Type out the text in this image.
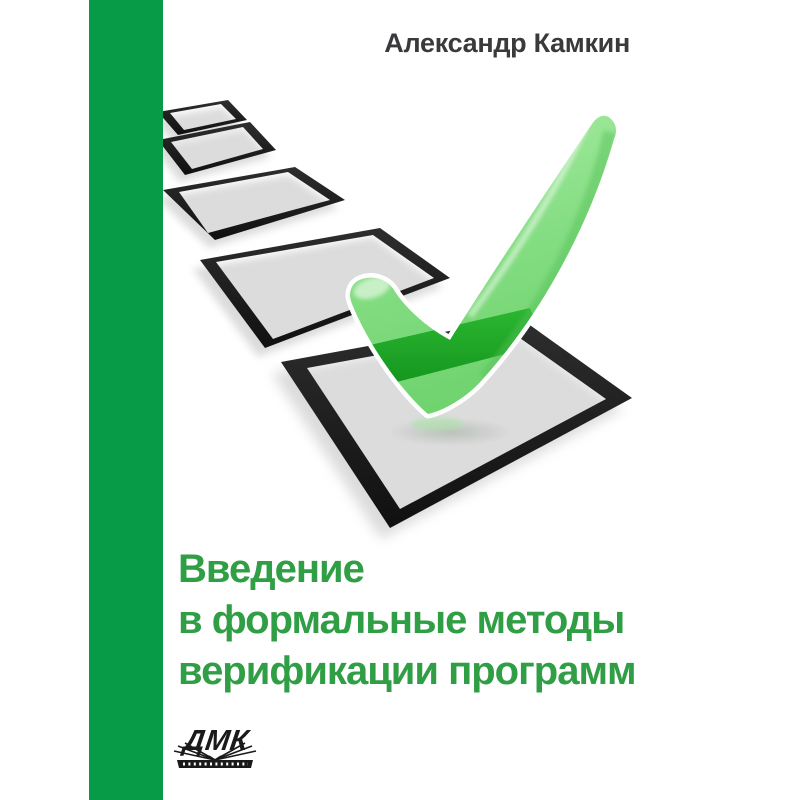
Александр Камкин
Введение
в формальные методы
верификации программ
ДМК
